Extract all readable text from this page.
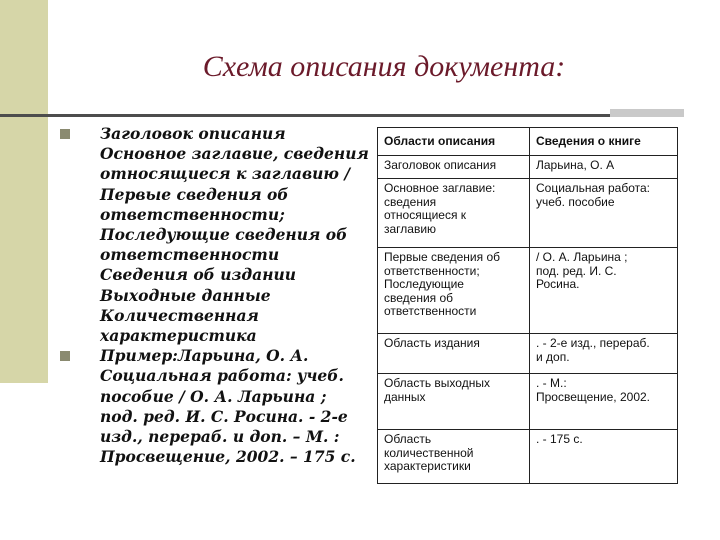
Схема описания документа:
Заголовок описания
Основное заглавие, сведения
относящиеся к заглавию /
Первые сведения об
ответственности;
Последующие сведения об
ответственности
Сведения об издании
Выходные данные
Количественная
характеристика
Пример:Ларьина, О. А.
Социальная работа: учеб.
пособие / О. А. Ларьина ;
под. ред. И. С. Росина. - 2-е
изд., перераб. и доп. – М. :
Просвещение, 2002. – 175 с.
Области описания	Сведения о книге

Заголовок описания	Ларьина, О. А

Основное заглавие:
сведения
относящиеся к
заглавию	Социальная работа:
учеб. пособие

Первые сведения об
ответственности;
Последующие
сведения об
ответственности	/ О. А. Ларьина ;
под. ред. И. С.
Росина.

Область издания	. - 2-е изд., перераб.
и доп.

Область выходных
данных	. - М.:
Просвещение, 2002.

Область
количественной
характеристики	. - 175 с.
